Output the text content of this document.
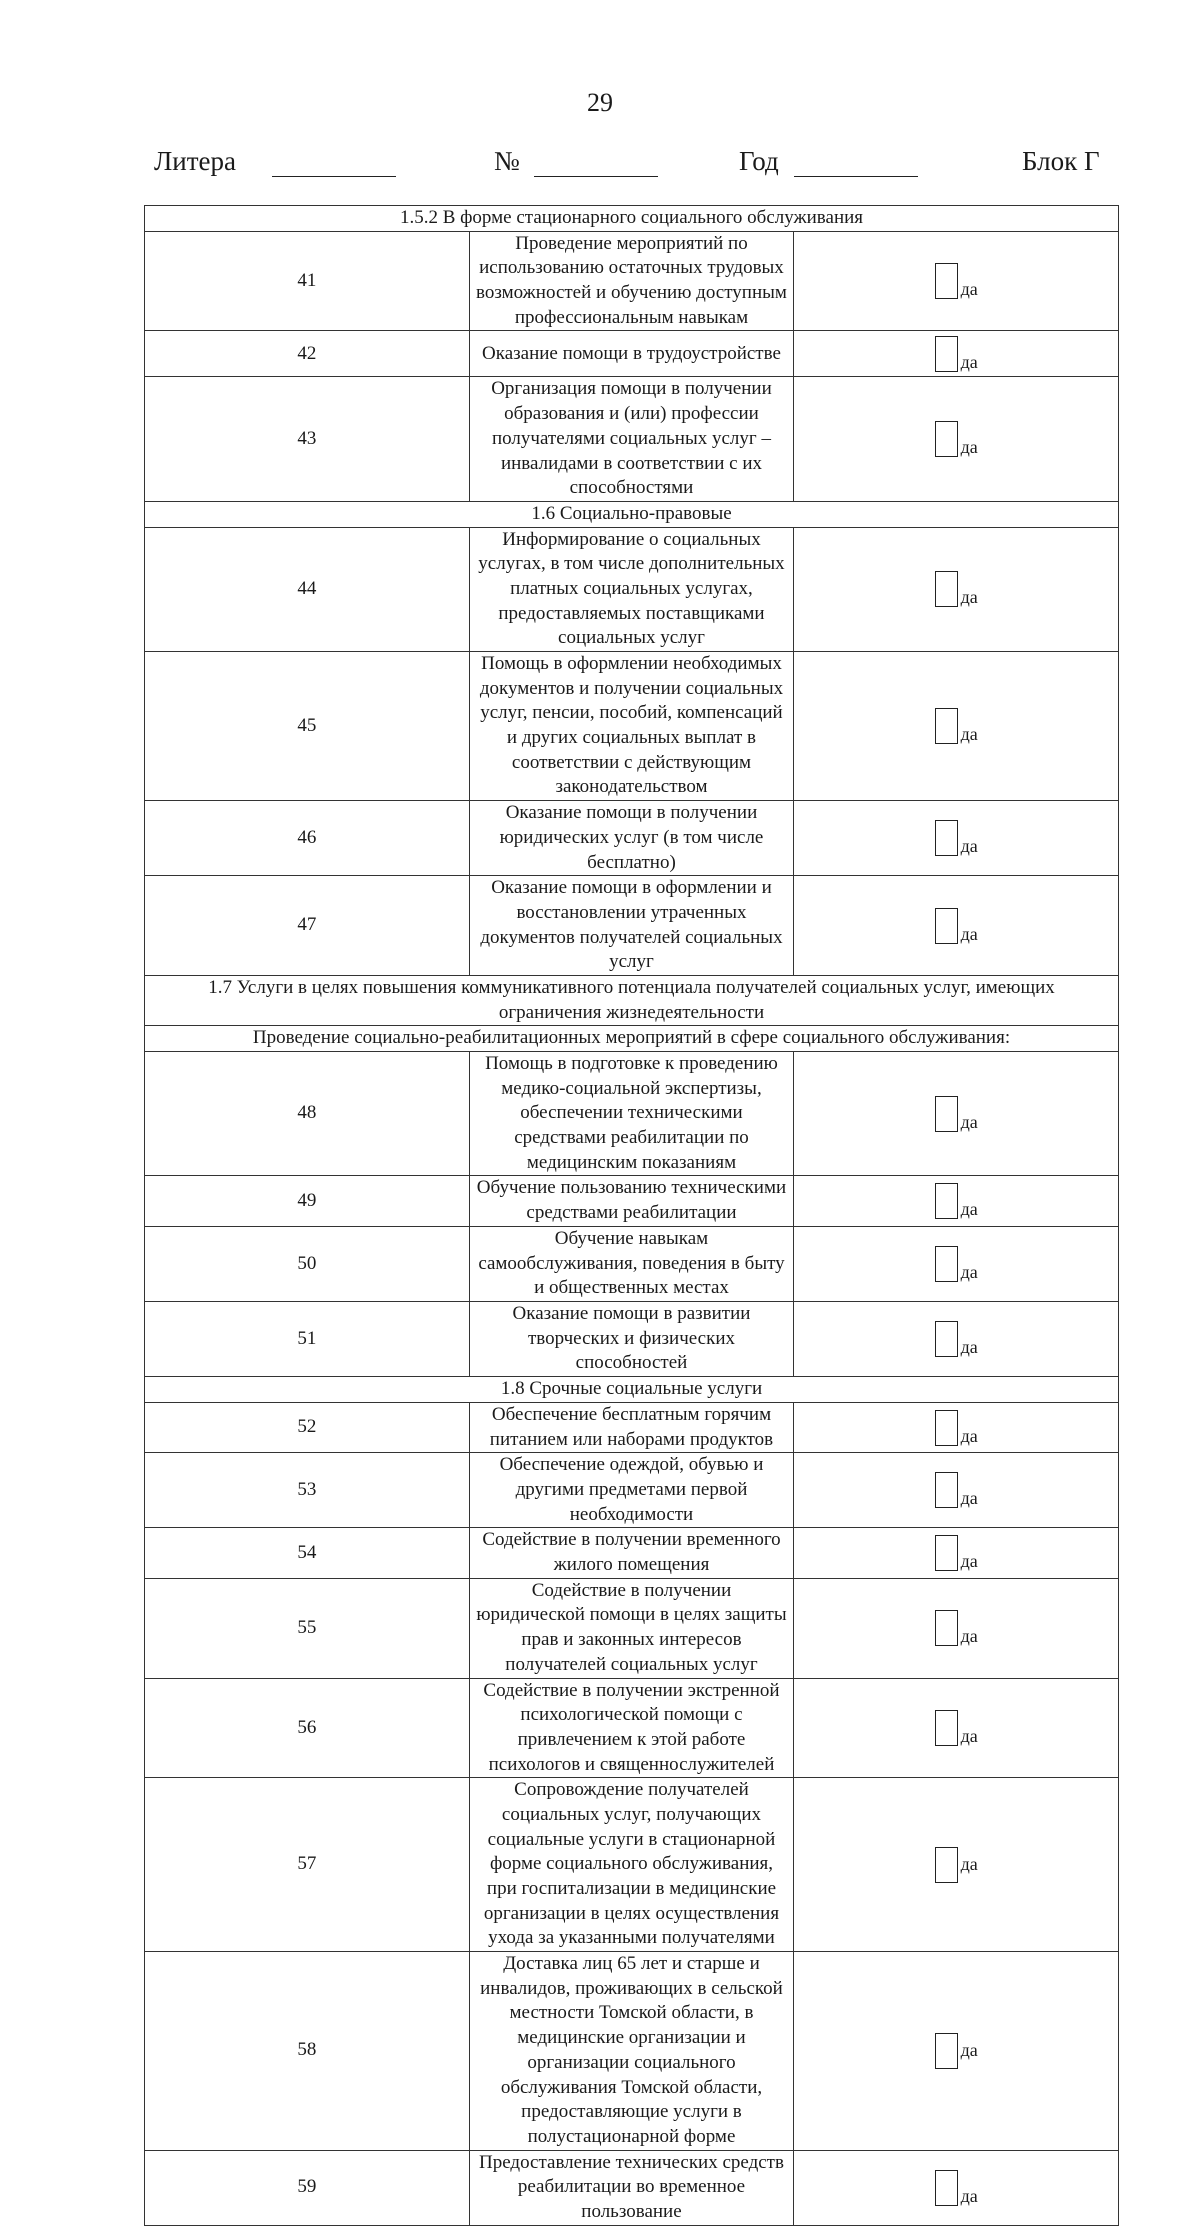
29
Литера	№	Год	Блок Г
1.5.2 В форме стационарного социального обслуживания		
41	Проведение мероприятий по использованию остаточных трудовых возможностей и обучению доступным профессиональным навыкам	да

42	Оказание помощи в трудоустройстве	да

43	Организация помощи в получении образования и (или) профессии получателями социальных услуг – инвалидами в соответствии с их способностями	да

1.6 Социально-правовые		
44	Информирование о социальных услугах, в том числе дополнительных платных социальных услугах, предоставляемых поставщиками социальных услуг	да

45	Помощь в оформлении необходимых документов и получении социальных услуг, пенсии, пособий, компенсаций и других социальных выплат в соответствии с действующим законодательством	да

46	Оказание помощи в получении юридических услуг (в том числе бесплатно)	да

47	Оказание помощи в оформлении и восстановлении утраченных документов получателей социальных услуг	да

1.7 Услуги в целях повышения коммуникативного потенциала получателей социальных услуг, имеющих ограничения жизнедеятельности		
Проведение социально-реабилитационных мероприятий в сфере социального обслуживания:		
48	Помощь в подготовке к проведению медико-социальной экспертизы, обеспечении техническими средствами реабилитации по медицинским показаниям	да

49	Обучение пользованию техническими средствами реабилитации	да

50	Обучение навыкам самообслуживания, поведения в быту и общественных местах	да

51	Оказание помощи в развитии творческих и физических способностей	да

1.8 Срочные социальные услуги		
52	Обеспечение бесплатным горячим питанием или наборами продуктов	да

53	Обеспечение одеждой, обувью и другими предметами первой необходимости	да

54	Содействие в получении временного жилого помещения	да

55	Содействие в получении юридической помощи в целях защиты прав и законных интересов получателей социальных услуг	да

56	Содействие в получении экстренной психологической помощи с привлечением к этой работе психологов и священнослужителей	да

57	Сопровождение получателей социальных услуг, получающих социальные услуги в стационарной форме социального обслуживания, при госпитализации в медицинские организации в целях осуществления ухода за указанными получателями	да

58	Доставка лиц 65 лет и старше и инвалидов, проживающих в сельской местности Томской области, в медицинские организации и организации социального обслуживания Томской области, предоставляющие услуги в полустационарной форме	да

59	Предоставление технических средств реабилитации во временное пользование	да
